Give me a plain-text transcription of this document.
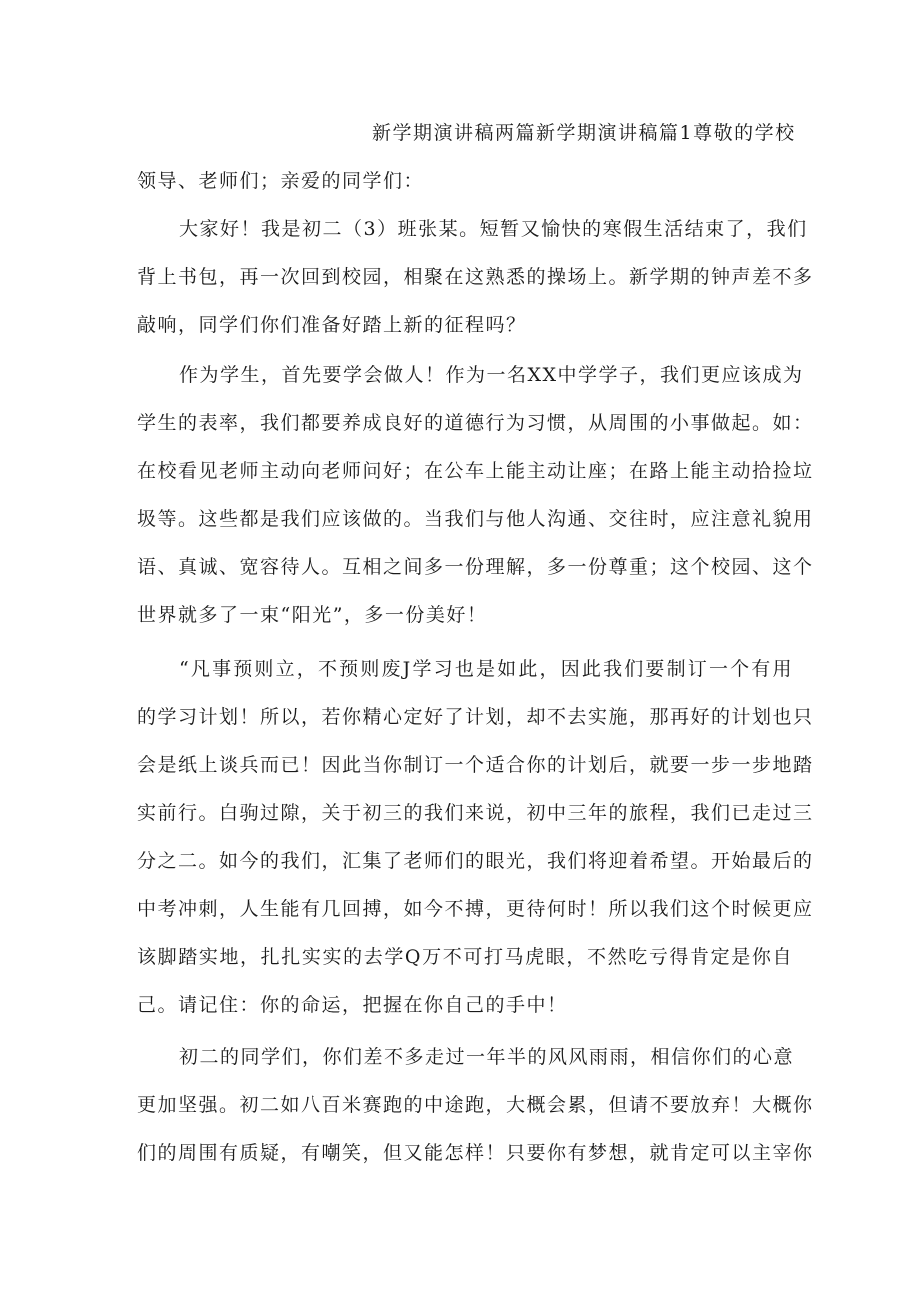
新学期演讲稿两篇新学期演讲稿篇1尊敬的学校
领导、老师们；亲爱的同学们：
大家好！我是初二（3）班张某。短暂又愉快的寒假生活结束了，我们
背上书包，再一次回到校园，相聚在这熟悉的操场上。新学期的钟声差不多
敲响，同学们你们准备好踏上新的征程吗？
作为学生，首先要学会做人！作为一名XX中学学子，我们更应该成为
学生的表率，我们都要养成良好的道德行为习惯，从周围的小事做起。如：
在校看见老师主动向老师问好；在公车上能主动让座；在路上能主动拾捡垃
圾等。这些都是我们应该做的。当我们与他人沟通、交往时，应注意礼貌用
语、真诚、宽容待人。互相之间多一份理解，多一份尊重；这个校园、这个
世界就多了一束“阳光”，多一份美好！
“凡事预则立，不预则废J学习也是如此，因此我们要制订一个有用
的学习计划！所以，若你精心定好了计划，却不去实施，那再好的计划也只
会是纸上谈兵而已！因此当你制订一个适合你的计划后，就要一步一步地踏
实前行。白驹过隙，关于初三的我们来说，初中三年的旅程，我们已走过三
分之二。如今的我们，汇集了老师们的眼光，我们将迎着希望。开始最后的
中考冲刺，人生能有几回搏，如今不搏，更待何时！所以我们这个时候更应
该脚踏实地，扎扎实实的去学Q万不可打马虎眼，不然吃亏得肯定是你自
己。请记住：你的命运，把握在你自己的手中！
初二的同学们，你们差不多走过一年半的风风雨雨，相信你们的心意
更加坚强。初二如八百米赛跑的中途跑，大概会累，但请不要放弃！大概你
们的周围有质疑，有嘲笑，但又能怎样！只要你有梦想，就肯定可以主宰你
